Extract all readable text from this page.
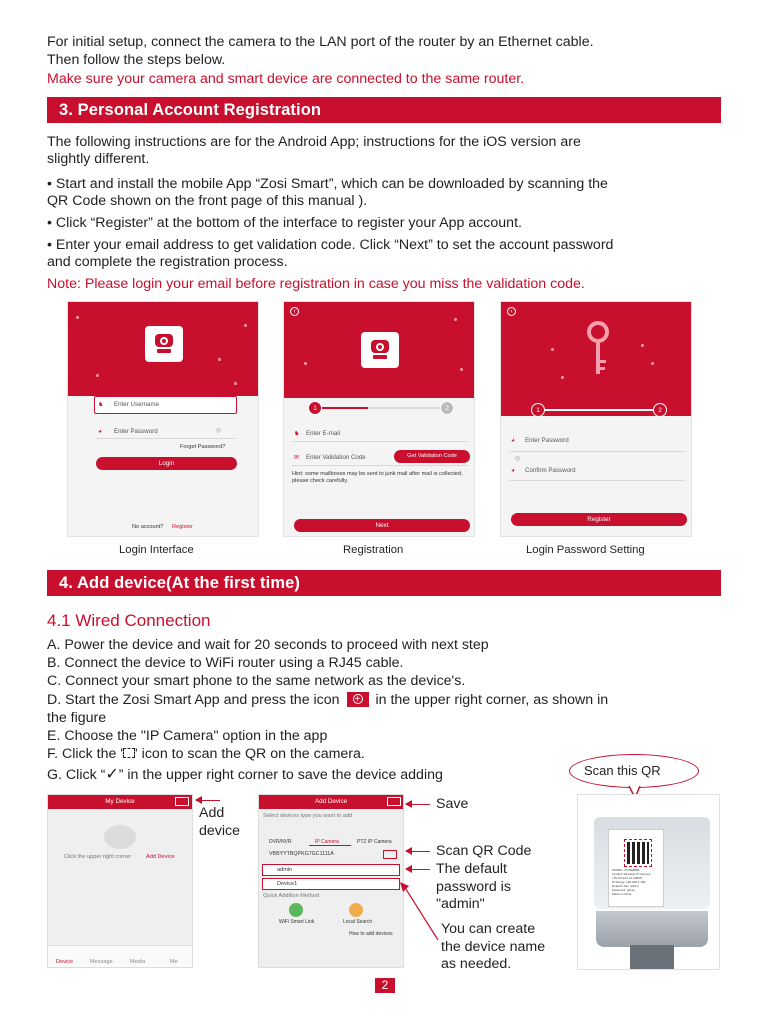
For initial setup, connect the camera to the LAN port of the router by an Ethernet cable.
Then follow the steps below.
Make sure your camera and smart device are connected to the same router.
3. Personal Account Registration
The following instructions are for the Android App; instructions for the iOS version are
slightly different.
• Start and install the mobile App “Zosi Smart”, which can be downloaded by scanning the
QR Code shown on the front page of this manual ).
• Click “Register” at the bottom of the interface to register your App account.
• Enter your email address to get validation code. Click “Next” to set the account password
and complete the registration process.
Note: Please login your email before registration in case you miss the validation code.
♞ Enter Username
◕ Enter Password	◎
Forget Password?
Login
No account? Register
‹
1	2
♞ Enter E-mail
✉ Enter Validation Code	Get Validation Code
Hint: some mailboxes may be sent to junk mail after mail is collected, please check carefully.
Next
‹
1	2
◕ Enter Password
◎
◕ Confirm Password
Register
Login Interface	Registration	Login Password Setting
4. Add device(At the first time)
4.1 Wired Connection
A. Power the device and wait for 20 seconds to proceed with next step
B. Connect the device to WiFi router using a RJ45 cable.
C. Connect your smart phone to the same network as the device's.
D. Start the Zosi Smart App and press the icon + in the upper right corner, as shown in
the figure
E. Choose the "IP Camera" option in the app
F. Click the ' ' icon to scan the QR on the camera.
G. Click “✓” in the upper right corner to save the device adding	Scan this QR
My Device
Click the upper right corner	Add Device
Device	Message	Media	Me
Add Device
Select devices type you want to add
DVR/NVR	IP Camera	PTZ IP Camera
VBBYYTBQPKG7GC1111A
admin
Device1
Quick Addition Method
WiFi Smart Link	Local Search
How to add devices
MODEL: ZOSIEBBB
Outdoor Wireless IP Camera
+5V DC12V 1A 1080P
IP Range: 192.168.1.168
Default User: admin
Password: admin
Made in China
Add
device
Save
Scan QR Code
The default
password is
"admin"
You can create
the device name
as needed.
2
